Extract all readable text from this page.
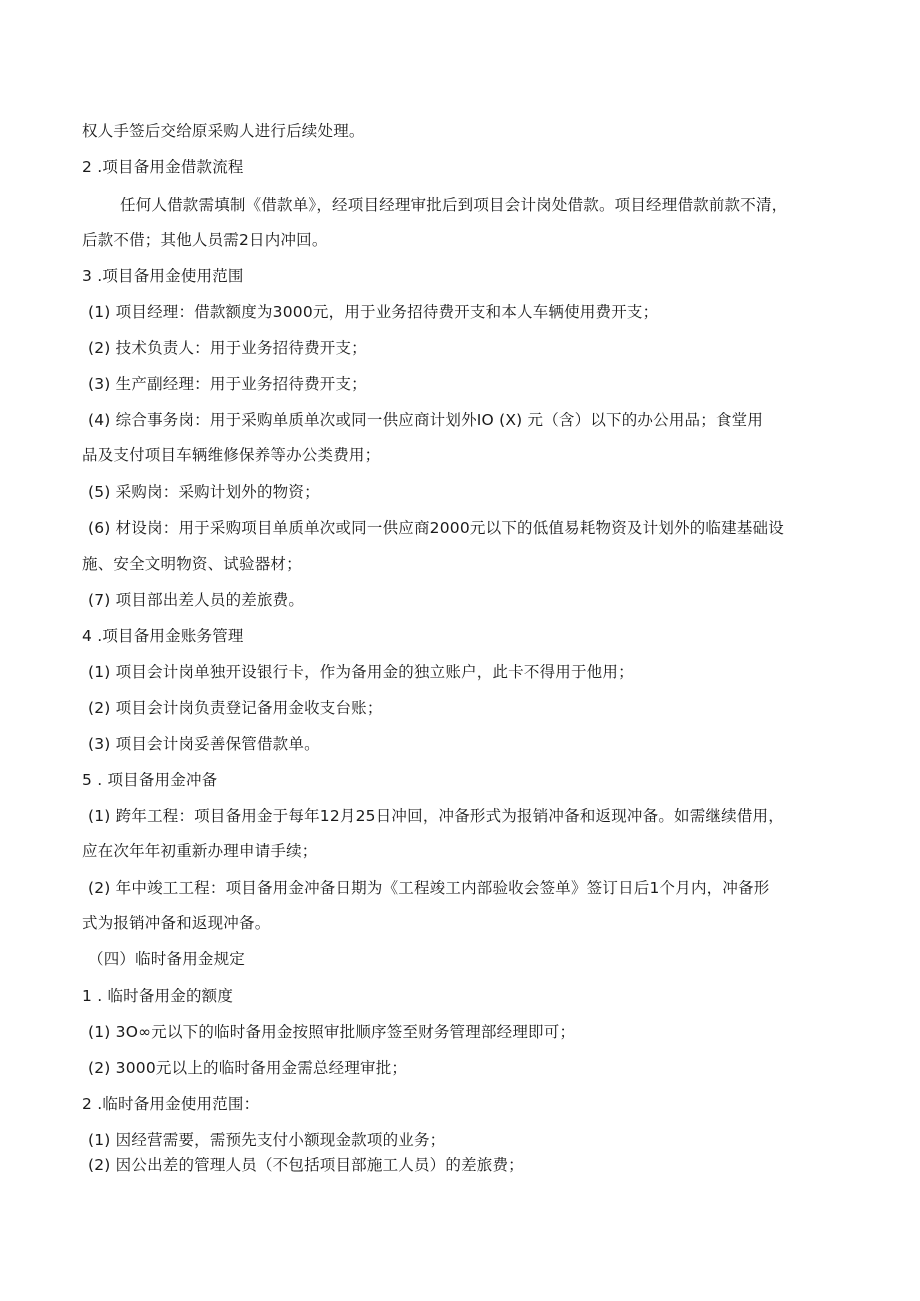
权人手签后交给原采购人进行后续处理。
2 .项目备用金借款流程
任何人借款需填制《借款单》，经项目经理审批后到项目会计岗处借款。项目经理借款前款不清，
后款不借；其他人员需2日内冲回。
3 .项目备用金使用范围
(1) 项目经理：借款额度为3000元，用于业务招待费开支和本人车辆使用费开支；
(2) 技术负责人：用于业务招待费开支；
(3) 生产副经理：用于业务招待费开支；
(4) 综合事务岗：用于采购单质单次或同一供应商计划外IO (X) 元（含）以下的办公用品；食堂用
品及支付项目车辆维修保养等办公类费用；
(5) 采购岗：采购计划外的物资；
(6) 材设岗：用于采购项目单质单次或同一供应商2000元以下的低值易耗物资及计划外的临建基础设
施、安全文明物资、试验器材；
(7) 项目部出差人员的差旅费。
4 .项目备用金账务管理
(1) 项目会计岗单独开设银行卡，作为备用金的独立账户，此卡不得用于他用；
(2) 项目会计岗负责登记备用金收支台账；
(3) 项目会计岗妥善保管借款单。
5 . 项目备用金冲备
(1) 跨年工程：项目备用金于每年12月25日冲回，冲备形式为报销冲备和返现冲备。如需继续借用，
应在次年年初重新办理申请手续；
(2) 年中竣工工程：项目备用金冲备日期为《工程竣工内部验收会签单》签订日后1个月内，冲备形
式为报销冲备和返现冲备。
（四）临时备用金规定
1 . 临时备用金的额度
(1) 3O∞元以下的临时备用金按照审批顺序签至财务管理部经理即可；
(2) 3000元以上的临时备用金需总经理审批；
2 .临时备用金使用范围：
(1) 因经营需要，需预先支付小额现金款项的业务；
(2) 因公出差的管理人员（不包括项目部施工人员）的差旅费；
